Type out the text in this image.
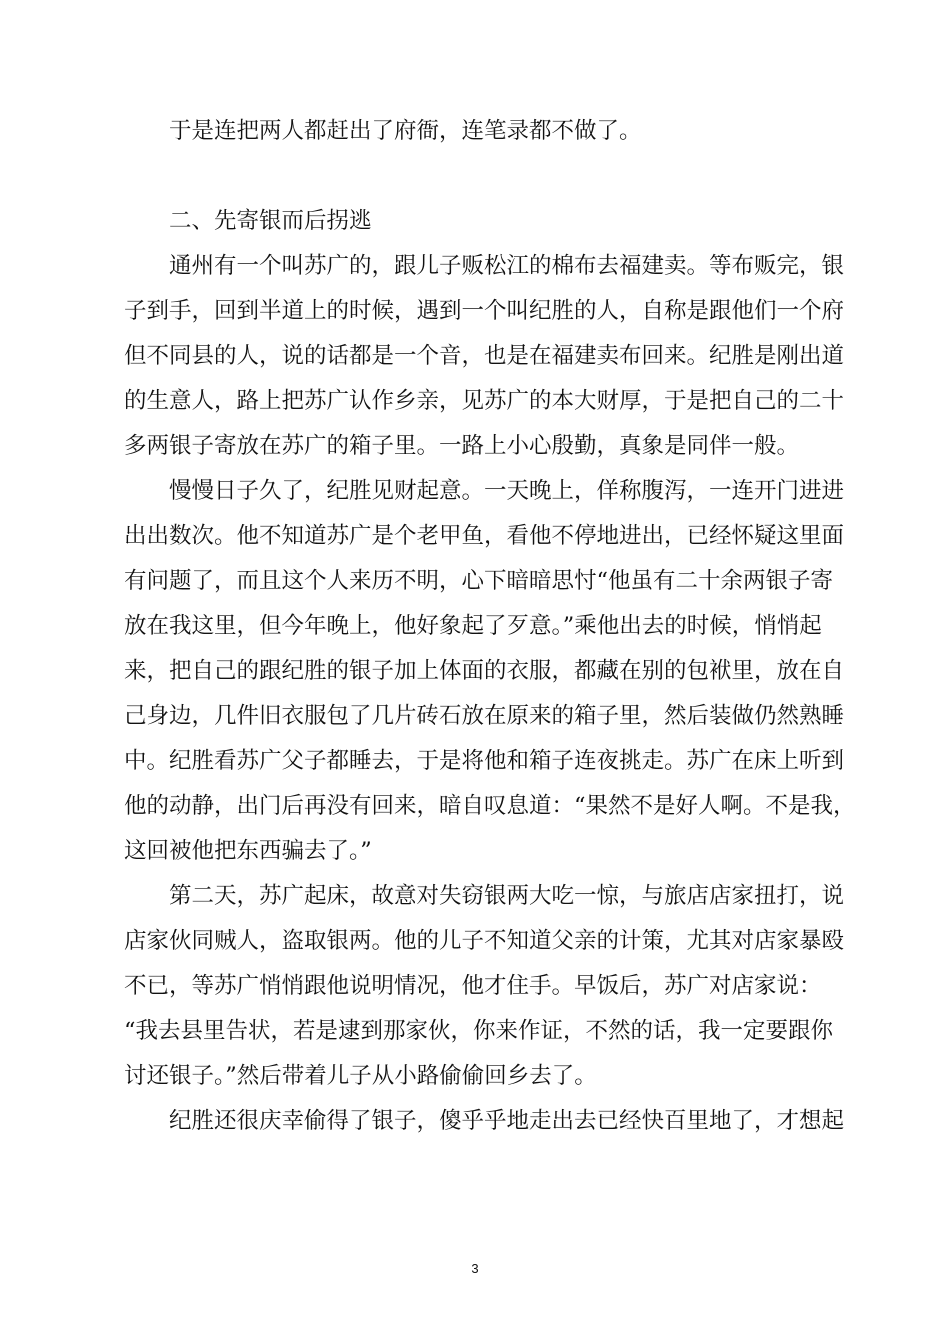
于是连把两人都赶出了府衙，连笔录都不做了。

二、先寄银而后拐逃

通州有一个叫苏广的，跟儿子贩松江的棉布去福建卖。等布贩完，银

子到手，回到半道上的时候，遇到一个叫纪胜的人，自称是跟他们一个府

但不同县的人，说的话都是一个音，也是在福建卖布回来。纪胜是刚出道

的生意人，路上把苏广认作乡亲，见苏广的本大财厚，于是把自己的二十

多两银子寄放在苏广的箱子里。一路上小心殷勤，真象是同伴一般。

慢慢日子久了，纪胜见财起意。一天晚上，佯称腹泻，一连开门进进

出出数次。他不知道苏广是个老甲鱼，看他不停地进出，已经怀疑这里面

有问题了，而且这个人来历不明，心下暗暗思忖“他虽有二十余两银子寄

放在我这里，但今年晚上，他好象起了歹意。”乘他出去的时候，悄悄起

来，把自己的跟纪胜的银子加上体面的衣服，都藏在别的包袱里，放在自

己身边，几件旧衣服包了几片砖石放在原来的箱子里，然后装做仍然熟睡

中。纪胜看苏广父子都睡去，于是将他和箱子连夜挑走。苏广在床上听到

他的动静，出门后再没有回来，暗自叹息道：“果然不是好人啊。不是我，

这回被他把东西骗去了。”

第二天，苏广起床，故意对失窃银两大吃一惊，与旅店店家扭打，说

店家伙同贼人，盗取银两。他的儿子不知道父亲的计策，尤其对店家暴殴

不已，等苏广悄悄跟他说明情况，他才住手。早饭后，苏广对店家说：

“我去县里告状，若是逮到那家伙，你来作证，不然的话，我一定要跟你

讨还银子。”然后带着儿子从小路偷偷回乡去了。

纪胜还很庆幸偷得了银子，傻乎乎地走出去已经快百里地了，才想起

3
